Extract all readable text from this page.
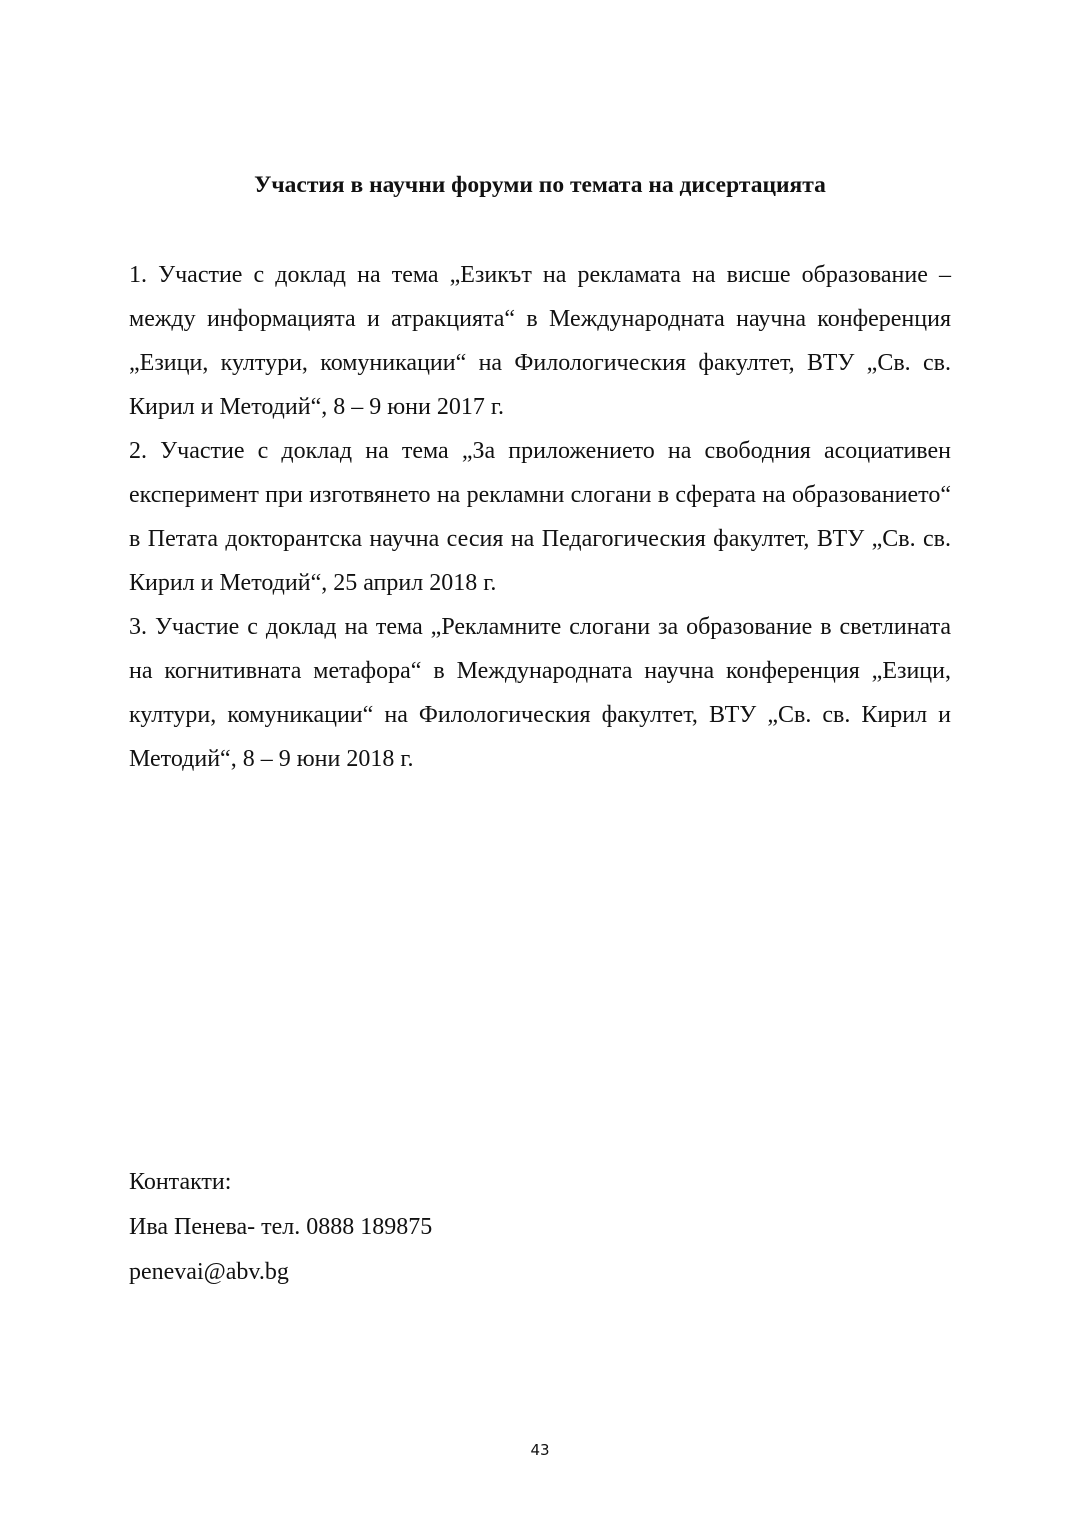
Участия в научни форуми по темата на дисертацията
1. Участие с доклад на тема „Езикът на рекламата на висше образование – между информацията и атракцията“ в Международната научна конференция „Езици, култури, комуникации“ на Филологическия факултет, ВТУ „Св. св. Кирил и Методий“, 8 – 9 юни 2017 г.
2. Участие с доклад на тема „За приложението на свободния асоциативен експеримент при изготвянето на рекламни слогани в сферата на образованието“ в Петата докторантска научна сесия на Педагогическия факултет, ВТУ „Св. св. Кирил и Методий“, 25 април 2018 г.
3. Участие с доклад на тема „Рекламните слогани за образование в светлината на когнитивната метафора“ в Международната научна конференция „Езици, култури, комуникации“ на Филологическия факултет, ВТУ „Св. св. Кирил и Методий“, 8 – 9 юни 2018 г.
Контакти:
Ива Пенева- тел. 0888 189875
penevai@abv.bg
43
